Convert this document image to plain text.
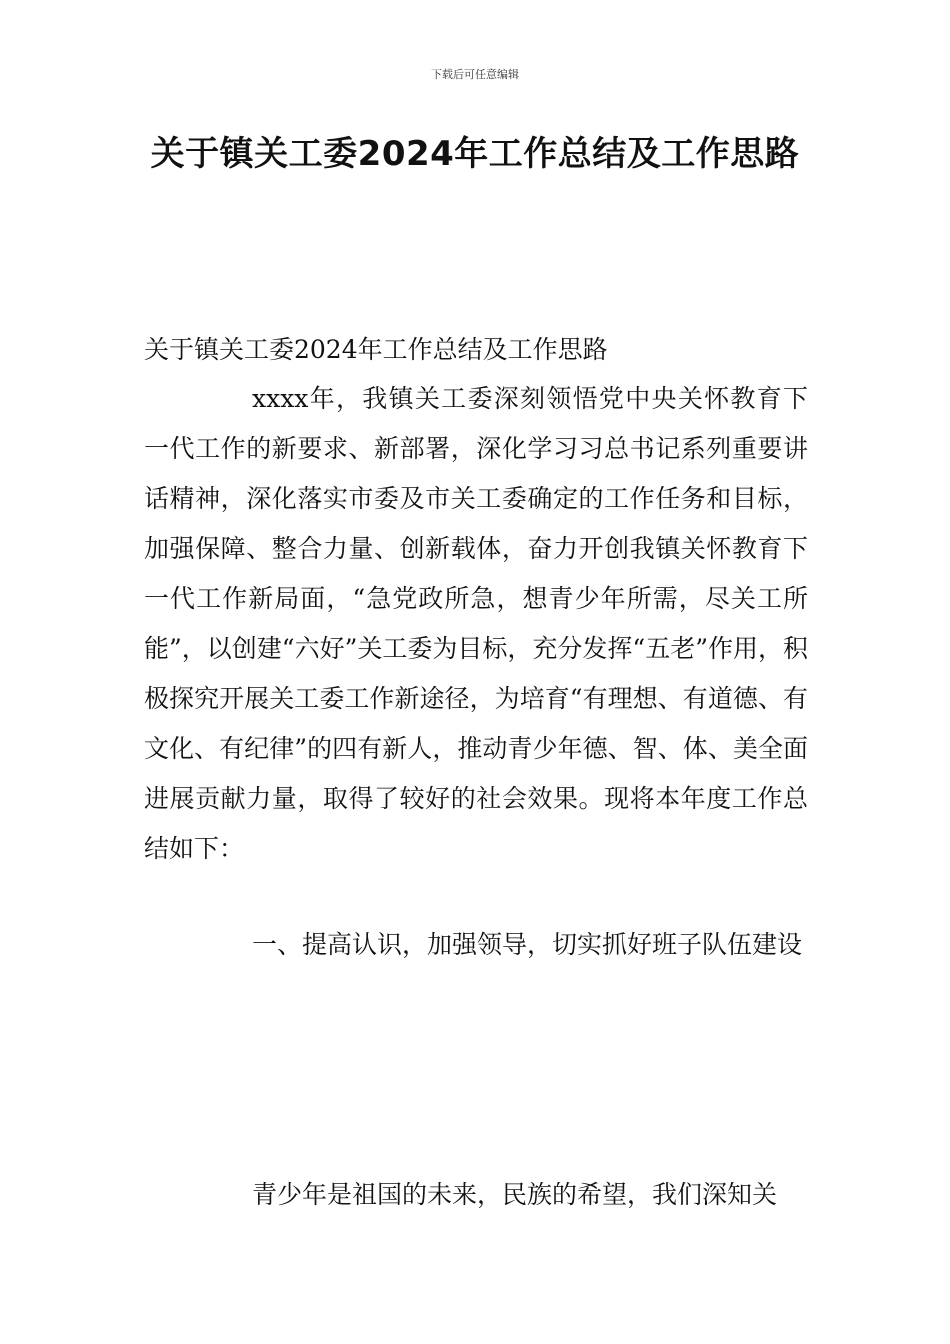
下载后可任意编辑
关于镇关工委2024年工作总结及工作思路

关于镇关工委2024年工作总结及工作思路

xxxx年，我镇关工委深刻领悟党中央关怀教育下一代工作的新要求、新部署，深化学习习总书记系列重要讲话精神，深化落实市委及市关工委确定的工作任务和目标，加强保障、整合力量、创新载体，奋力开创我镇关怀教育下一代工作新局面，“急党政所急，想青少年所需，尽关工所能”，以创建“六好”关工委为目标，充分发挥“五老”作用，积极探究开展关工委工作新途径，为培育“有理想、有道德、有文化、有纪律”的四有新人，推动青少年德、智、体、美全面进展贡献力量，取得了较好的社会效果。现将本年度工作总结如下：

一、提高认识，加强领导，切实抓好班子队伍建设

青少年是祖国的未来，民族的希望，我们深知关
